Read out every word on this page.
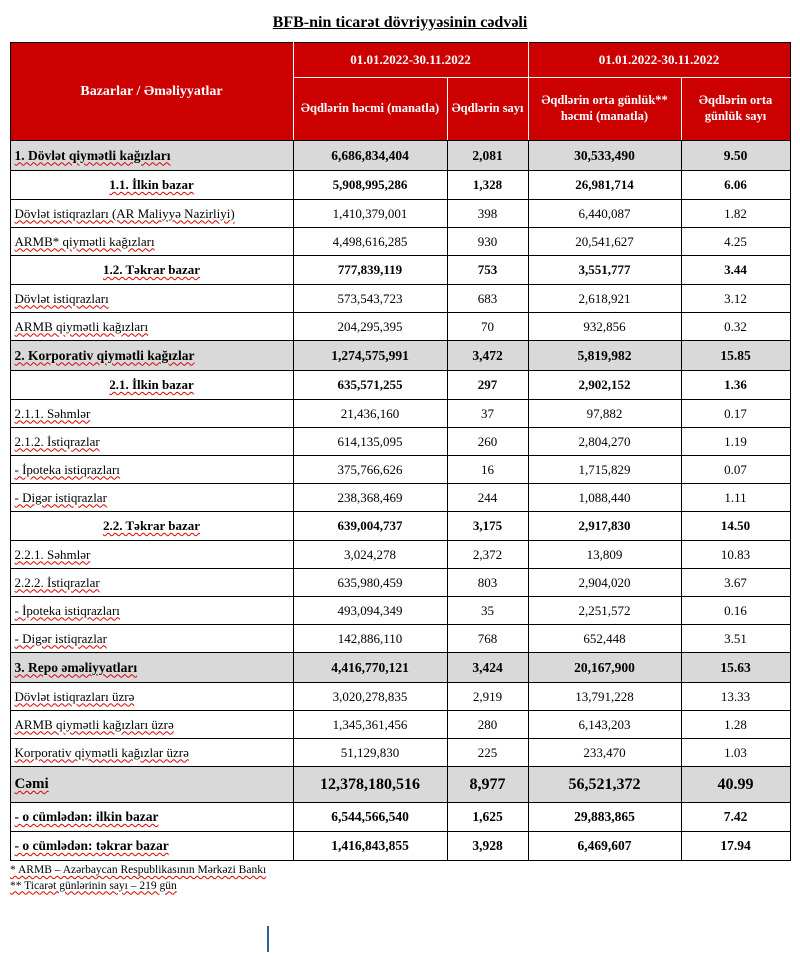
BFB-nin ticarət dövriyyəsinin cədvəli
Bazarlar / Əməliyyatlar	01.01.2022-30.11.2022		01.01.2022-30.11.2022	
	Əqdlərin həcmi (manatla)	Əqdlərin sayı	Əqdlərin orta günlük** həcmi (manatla)	Əqdlərin orta günlük sayı
1. Dövlət qiymətli kağızları	6,686,834,404	2,081	30,533,490	9.50
1.1. İlkin bazar	5,908,995,286	1,328	26,981,714	6.06
Dövlət istiqrazları (AR Maliyyə Nazirliyi)	1,410,379,001	398	6,440,087	1.82
ARMB* qiymətli kağızları	4,498,616,285	930	20,541,627	4.25
1.2. Təkrar bazar	777,839,119	753	3,551,777	3.44
Dövlət istiqrazları	573,543,723	683	2,618,921	3.12
ARMB qiymətli kağızları	204,295,395	70	932,856	0.32
2. Korporativ qiymətli kağızlar	1,274,575,991	3,472	5,819,982	15.85
2.1. İlkin bazar	635,571,255	297	2,902,152	1.36
2.1.1. Səhmlər	21,436,160	37	97,882	0.17
2.1.2. İstiqrazlar	614,135,095	260	2,804,270	1.19
- İpoteka istiqrazları	375,766,626	16	1,715,829	0.07
- Digər istiqrazlar	238,368,469	244	1,088,440	1.11
2.2. Təkrar bazar	639,004,737	3,175	2,917,830	14.50
2.2.1. Səhmlər	3,024,278	2,372	13,809	10.83
2.2.2. İstiqrazlar	635,980,459	803	2,904,020	3.67
- İpoteka istiqrazları	493,094,349	35	2,251,572	0.16
- Digər istiqrazlar	142,886,110	768	652,448	3.51
3. Repo əməliyyatları	4,416,770,121	3,424	20,167,900	15.63
Dövlət istiqrazları üzrə	3,020,278,835	2,919	13,791,228	13.33
ARMB qiymətli kağızları üzrə	1,345,361,456	280	6,143,203	1.28
Korporativ qiymətli kağızlar üzrə	51,129,830	225	233,470	1.03
Cəmi	12,378,180,516	8,977	56,521,372	40.99
- o cümlədən: ilkin bazar	6,544,566,540	1,625	29,883,865	7.42
- o cümlədən: təkrar bazar	1,416,843,855	3,928	6,469,607	17.94
* ARMB – Azərbaycan Respublikasının Mərkəzi Bankı
** Ticarət günlərinin sayı – 219 gün
